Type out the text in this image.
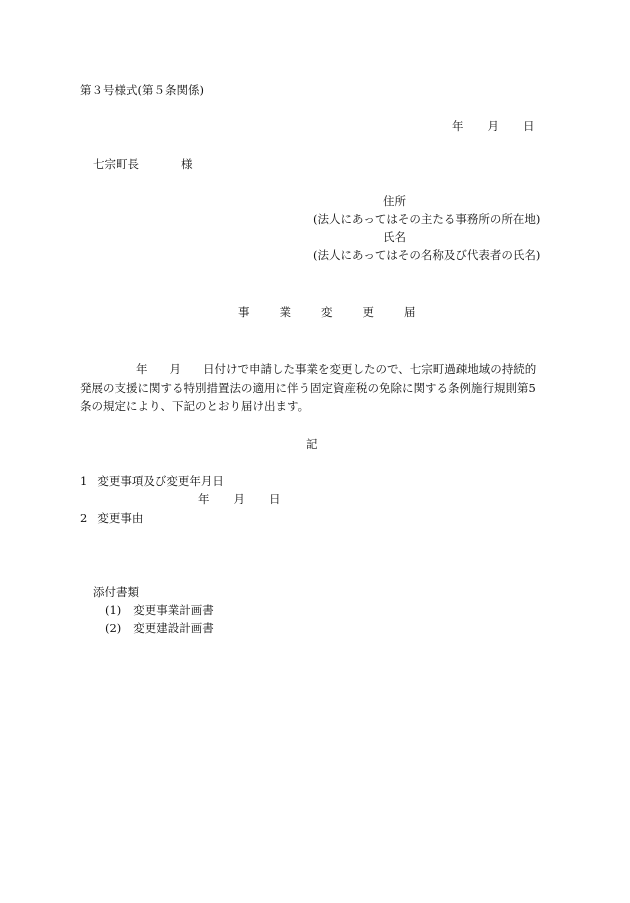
第３号様式(第５条関係)
年 月 日
七宗町長	様
住所
(法人にあってはその主たる事務所の所在地)
氏名
(法人にあってはその名称及び代表者の氏名)
事	業	変	更	届
年 月 日付けで申請した事業を変更したので、七宗町過疎地域の持続的
発展の支援に関する特別措置法の適用に伴う固定資産税の免除に関する条例施行規則第5
条の規定により、下記のとおり届け出ます。
記
1 変更事項及び変更年月日
年 月 日
2 変更事由
添付書類
(1) 変更事業計画書
(2) 変更建設計画書
